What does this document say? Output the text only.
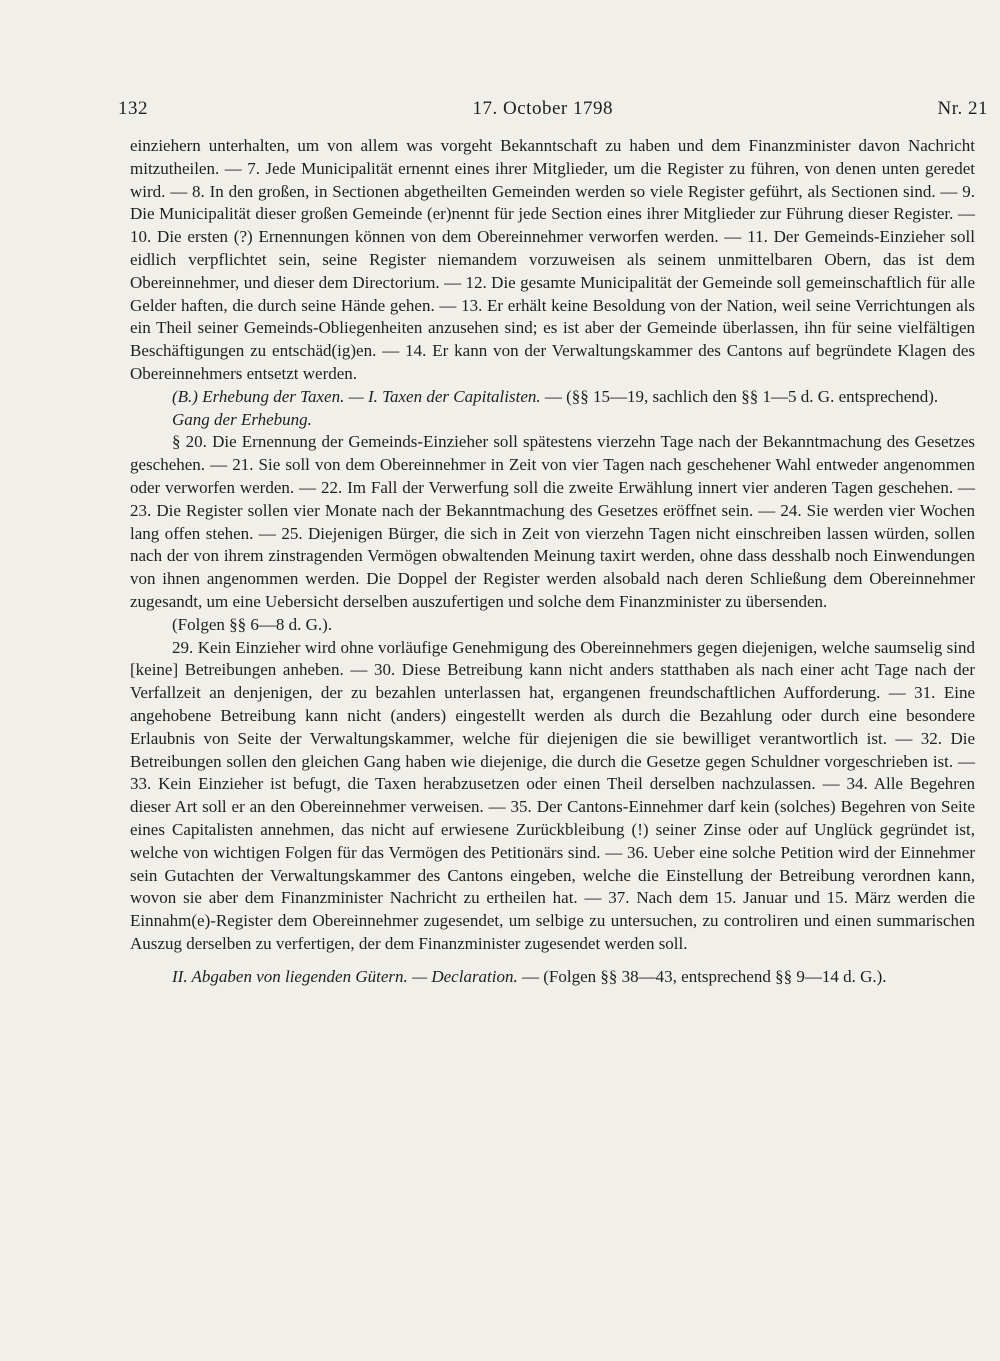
132	17. October 1798	Nr. 21

einziehern unterhalten, um von allem was vorgeht Bekanntschaft zu haben und dem Finanzminister davon Nachricht mitzutheilen. — 7. Jede Municipalität ernennt eines ihrer Mitglieder, um die Register zu führen, von denen unten geredet wird. — 8. In den großen, in Sectionen abgetheilten Gemeinden werden so viele Register geführt, als Sectionen sind. — 9. Die Municipalität dieser großen Gemeinde (er)nennt für jede Section eines ihrer Mitglieder zur Führung dieser Register. — 10. Die ersten (?) Ernennungen können von dem Obereinnehmer verworfen werden. — 11. Der Gemeinds-Einzieher soll eidlich verpflichtet sein, seine Register niemandem vorzuweisen als seinem unmittelbaren Obern, das ist dem Obereinnehmer, und dieser dem Directorium. — 12. Die gesamte Municipalität der Gemeinde soll gemeinschaftlich für alle Gelder haften, die durch seine Hände gehen. — 13. Er erhält keine Besoldung von der Nation, weil seine Verrichtungen als ein Theil seiner Gemeinds-Obliegenheiten anzusehen sind; es ist aber der Gemeinde überlassen, ihn für seine vielfältigen Beschäftigungen zu entschäd(ig)en. — 14. Er kann von der Verwaltungskammer des Cantons auf begründete Klagen des Obereinnehmers entsetzt werden.

(B.) Erhebung der Taxen. — I. Taxen der Capitalisten. — (§§ 15—19, sachlich den §§ 1—5 d. G. entsprechend).

Gang der Erhebung.

§ 20. Die Ernennung der Gemeinds-Einzieher soll spätestens vierzehn Tage nach der Bekanntmachung des Gesetzes geschehen. — 21. Sie soll von dem Obereinnehmer in Zeit von vier Tagen nach geschehener Wahl entweder angenommen oder verworfen werden. — 22. Im Fall der Verwerfung soll die zweite Erwählung innert vier anderen Tagen geschehen. — 23. Die Register sollen vier Monate nach der Bekanntmachung des Gesetzes eröffnet sein. — 24. Sie werden vier Wochen lang offen stehen. — 25. Diejenigen Bürger, die sich in Zeit von vierzehn Tagen nicht einschreiben lassen würden, sollen nach der von ihrem zinstragenden Vermögen obwaltenden Meinung taxirt werden, ohne dass desshalb noch Einwendungen von ihnen angenommen werden. Die Doppel der Register werden alsobald nach deren Schließung dem Obereinnehmer zugesandt, um eine Uebersicht derselben auszufertigen und solche dem Finanzminister zu übersenden.

(Folgen §§ 6—8 d. G.).

29. Kein Einzieher wird ohne vorläufige Genehmigung des Obereinnehmers gegen diejenigen, welche saumselig sind [keine] Betreibungen anheben. — 30. Diese Betreibung kann nicht anders statthaben als nach einer acht Tage nach der Verfallzeit an denjenigen, der zu bezahlen unterlassen hat, ergangenen freundschaftlichen Aufforderung. — 31. Eine angehobene Betreibung kann nicht (anders) eingestellt werden als durch die Bezahlung oder durch eine besondere Erlaubnis von Seite der Verwaltungskammer, welche für diejenigen die sie bewilliget verantwortlich ist. — 32. Die Betreibungen sollen den gleichen Gang haben wie diejenige, die durch die Gesetze gegen Schuldner vorgeschrieben ist. — 33. Kein Einzieher ist befugt, die Taxen herabzusetzen oder einen Theil derselben nachzulassen. — 34. Alle Begehren dieser Art soll er an den Obereinnehmer verweisen. — 35. Der Cantons-Einnehmer darf kein (solches) Begehren von Seite eines Capitalisten annehmen, das nicht auf erwiesene Zurückbleibung (!) seiner Zinse oder auf Unglück gegründet ist, welche von wichtigen Folgen für das Vermögen des Petitionärs sind. — 36. Ueber eine solche Petition wird der Einnehmer sein Gutachten der Verwaltungskammer des Cantons eingeben, welche die Einstellung der Betreibung verordnen kann, wovon sie aber dem Finanzminister Nachricht zu ertheilen hat. — 37. Nach dem 15. Januar und 15. März werden die Einnahm(e)-Register dem Obereinnehmer zugesendet, um selbige zu untersuchen, zu controliren und einen summarischen Auszug derselben zu verfertigen, der dem Finanzminister zugesendet werden soll.

II. Abgaben von liegenden Gütern. — Declaration. — (Folgen §§ 38—43, entsprechend §§ 9—14 d. G.).
